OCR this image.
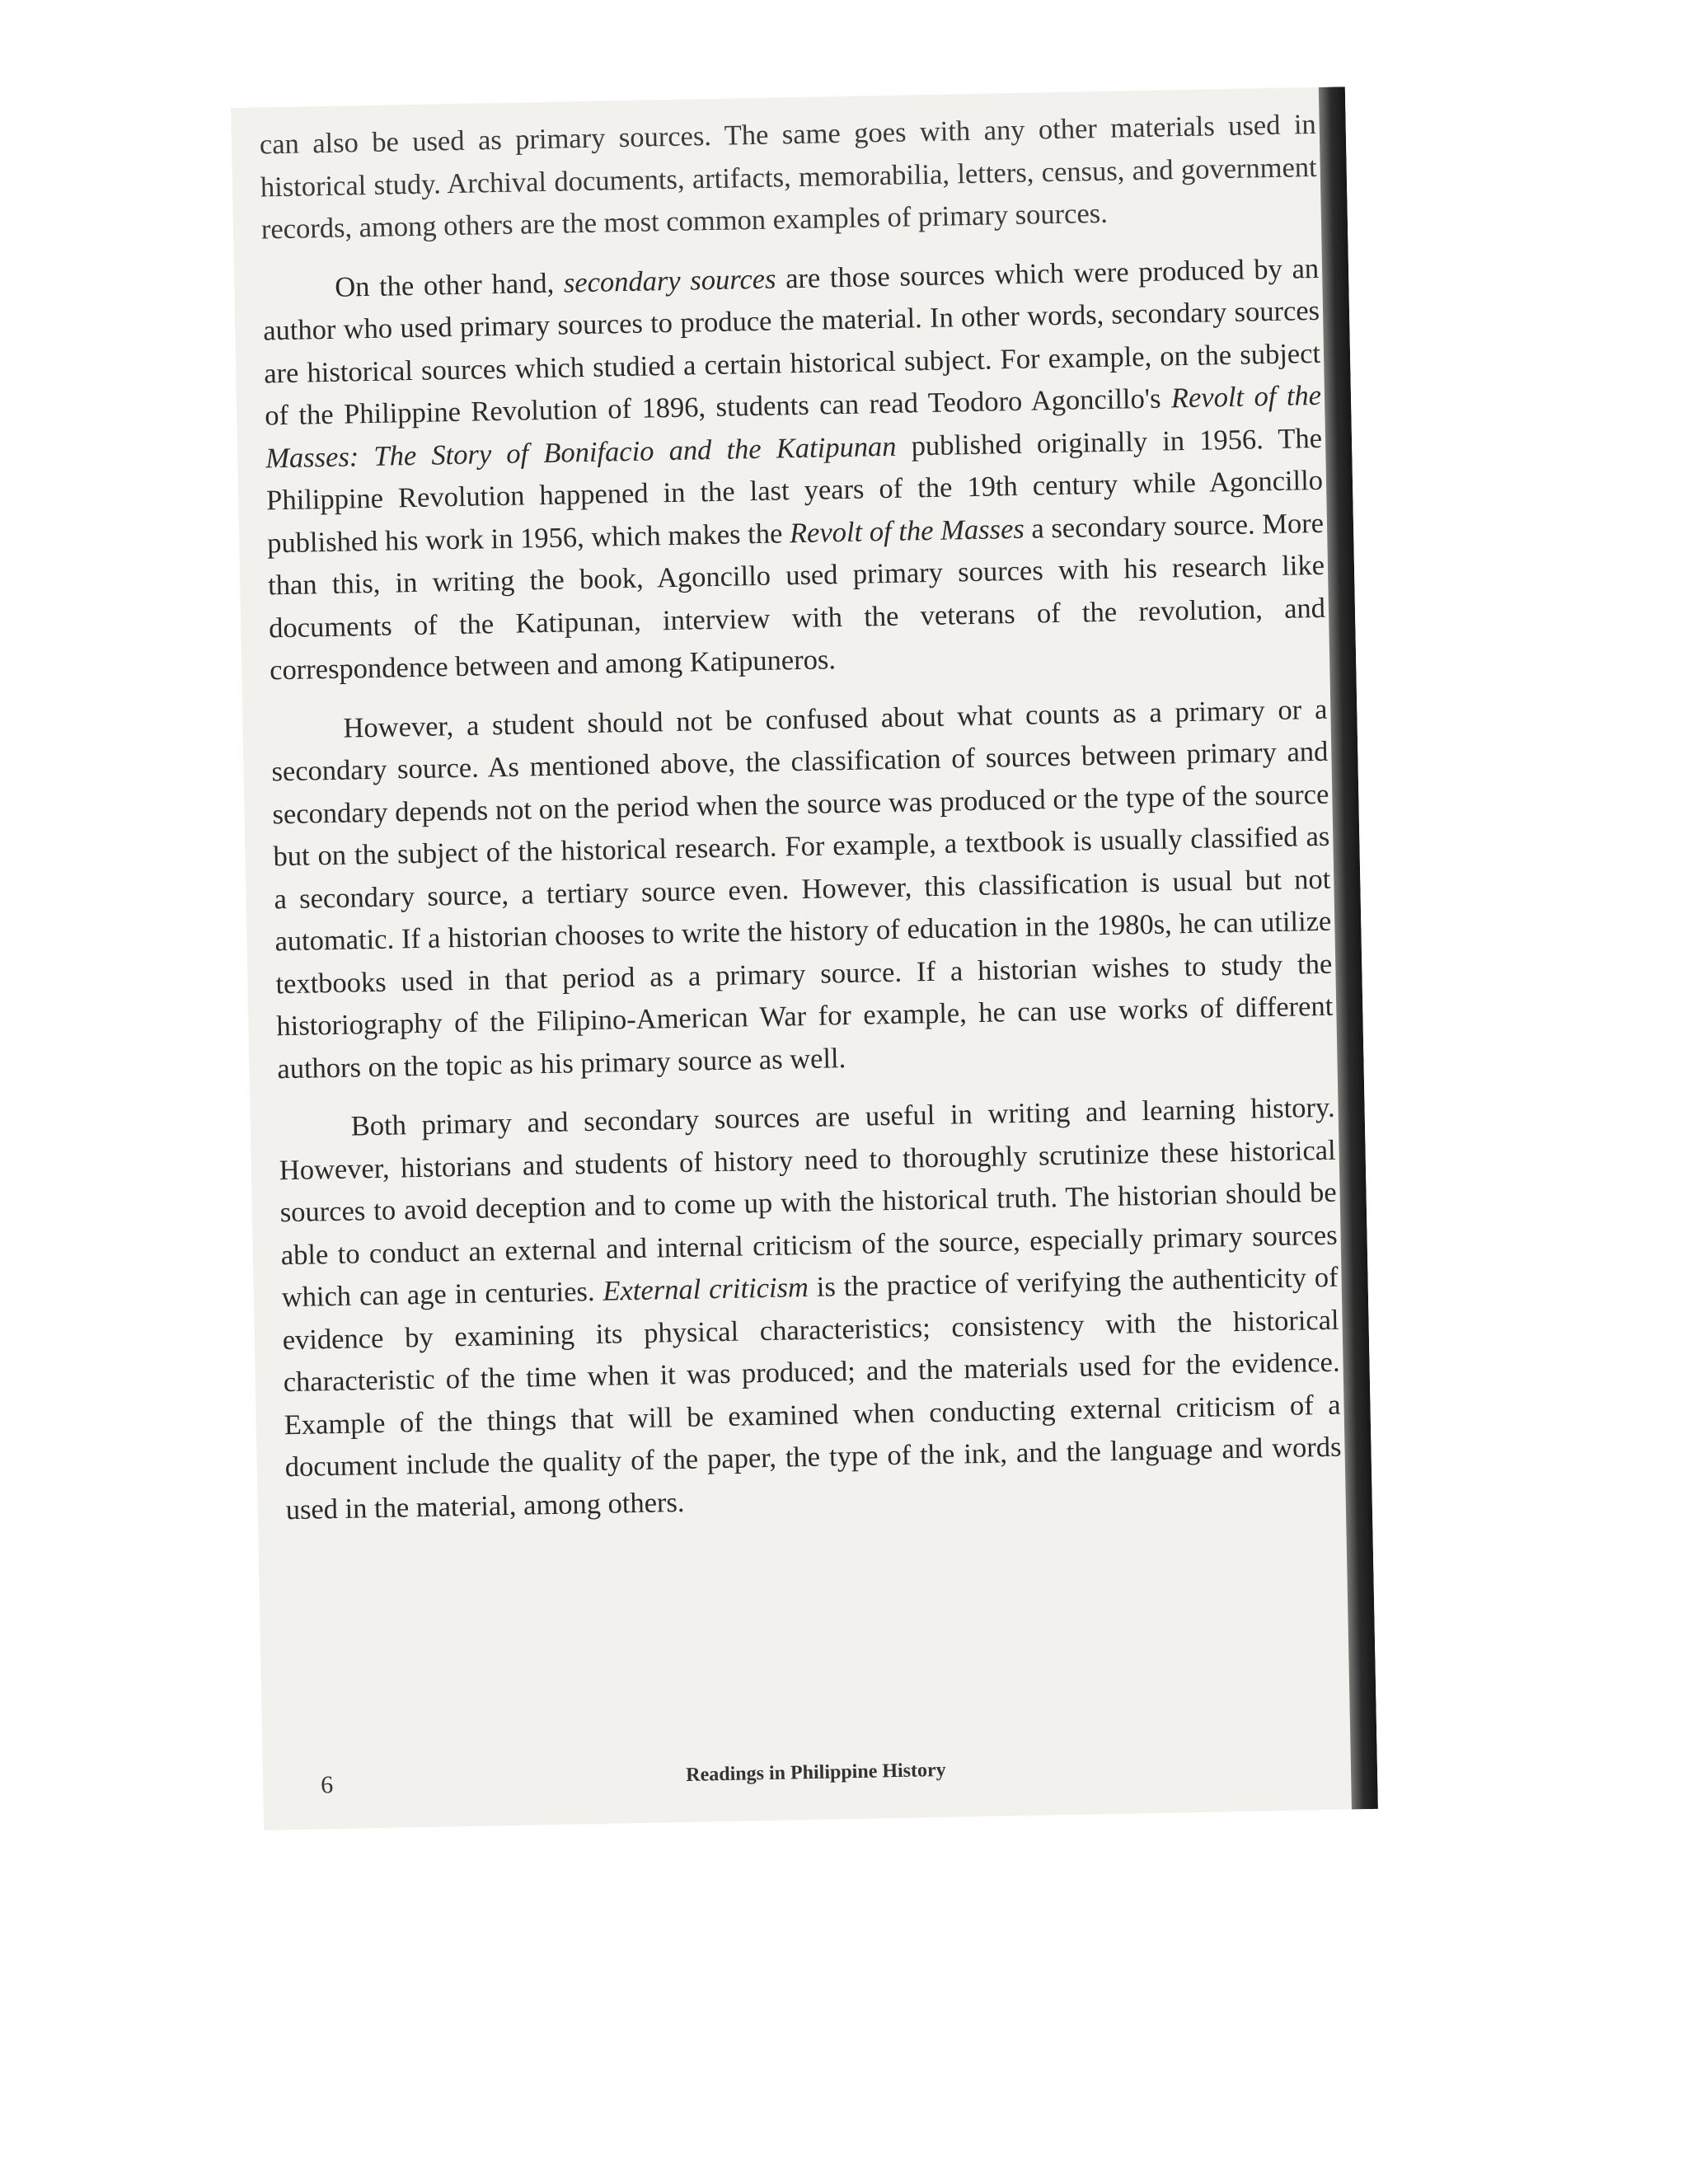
can also be used as primary sources. The same goes with any other materials used in historical study. Archival documents, artifacts, memorabilia, letters, census, and government records, among others are the most common examples of primary sources.

On the other hand, secondary sources are those sources which were produced by an author who used primary sources to produce the material. In other words, secondary sources are historical sources which studied a certain historical subject. For example, on the subject of the Philippine Revolution of 1896, students can read Teodoro Agoncillo's Revolt of the Masses: The Story of Bonifacio and the Katipunan published originally in 1956. The Philippine Revolution happened in the last years of the 19th century while Agoncillo published his work in 1956, which makes the Revolt of the Masses a secondary source. More than this, in writing the book, Agoncillo used primary sources with his research like documents of the Katipunan, interview with the veterans of the revolution, and correspondence between and among Katipuneros.

However, a student should not be confused about what counts as a primary or a secondary source. As mentioned above, the classification of sources between primary and secondary depends not on the period when the source was produced or the type of the source but on the subject of the historical research. For example, a textbook is usually classified as a secondary source, a tertiary source even. However, this classification is usual but not automatic. If a historian chooses to write the history of education in the 1980s, he can utilize textbooks used in that period as a primary source. If a historian wishes to study the historiography of the Filipino-American War for example, he can use works of different authors on the topic as his primary source as well.

Both primary and secondary sources are useful in writing and learning history. However, historians and students of history need to thoroughly scrutinize these historical sources to avoid deception and to come up with the historical truth. The historian should be able to conduct an external and internal criticism of the source, especially primary sources which can age in centuries. External criticism is the practice of verifying the authenticity of evidence by examining its physical characteristics; consistency with the historical characteristic of the time when it was produced; and the materials used for the evidence. Example of the things that will be examined when conducting external criticism of a document include the quality of the paper, the type of the ink, and the language and words used in the material, among others.

6	Readings in Philippine History
